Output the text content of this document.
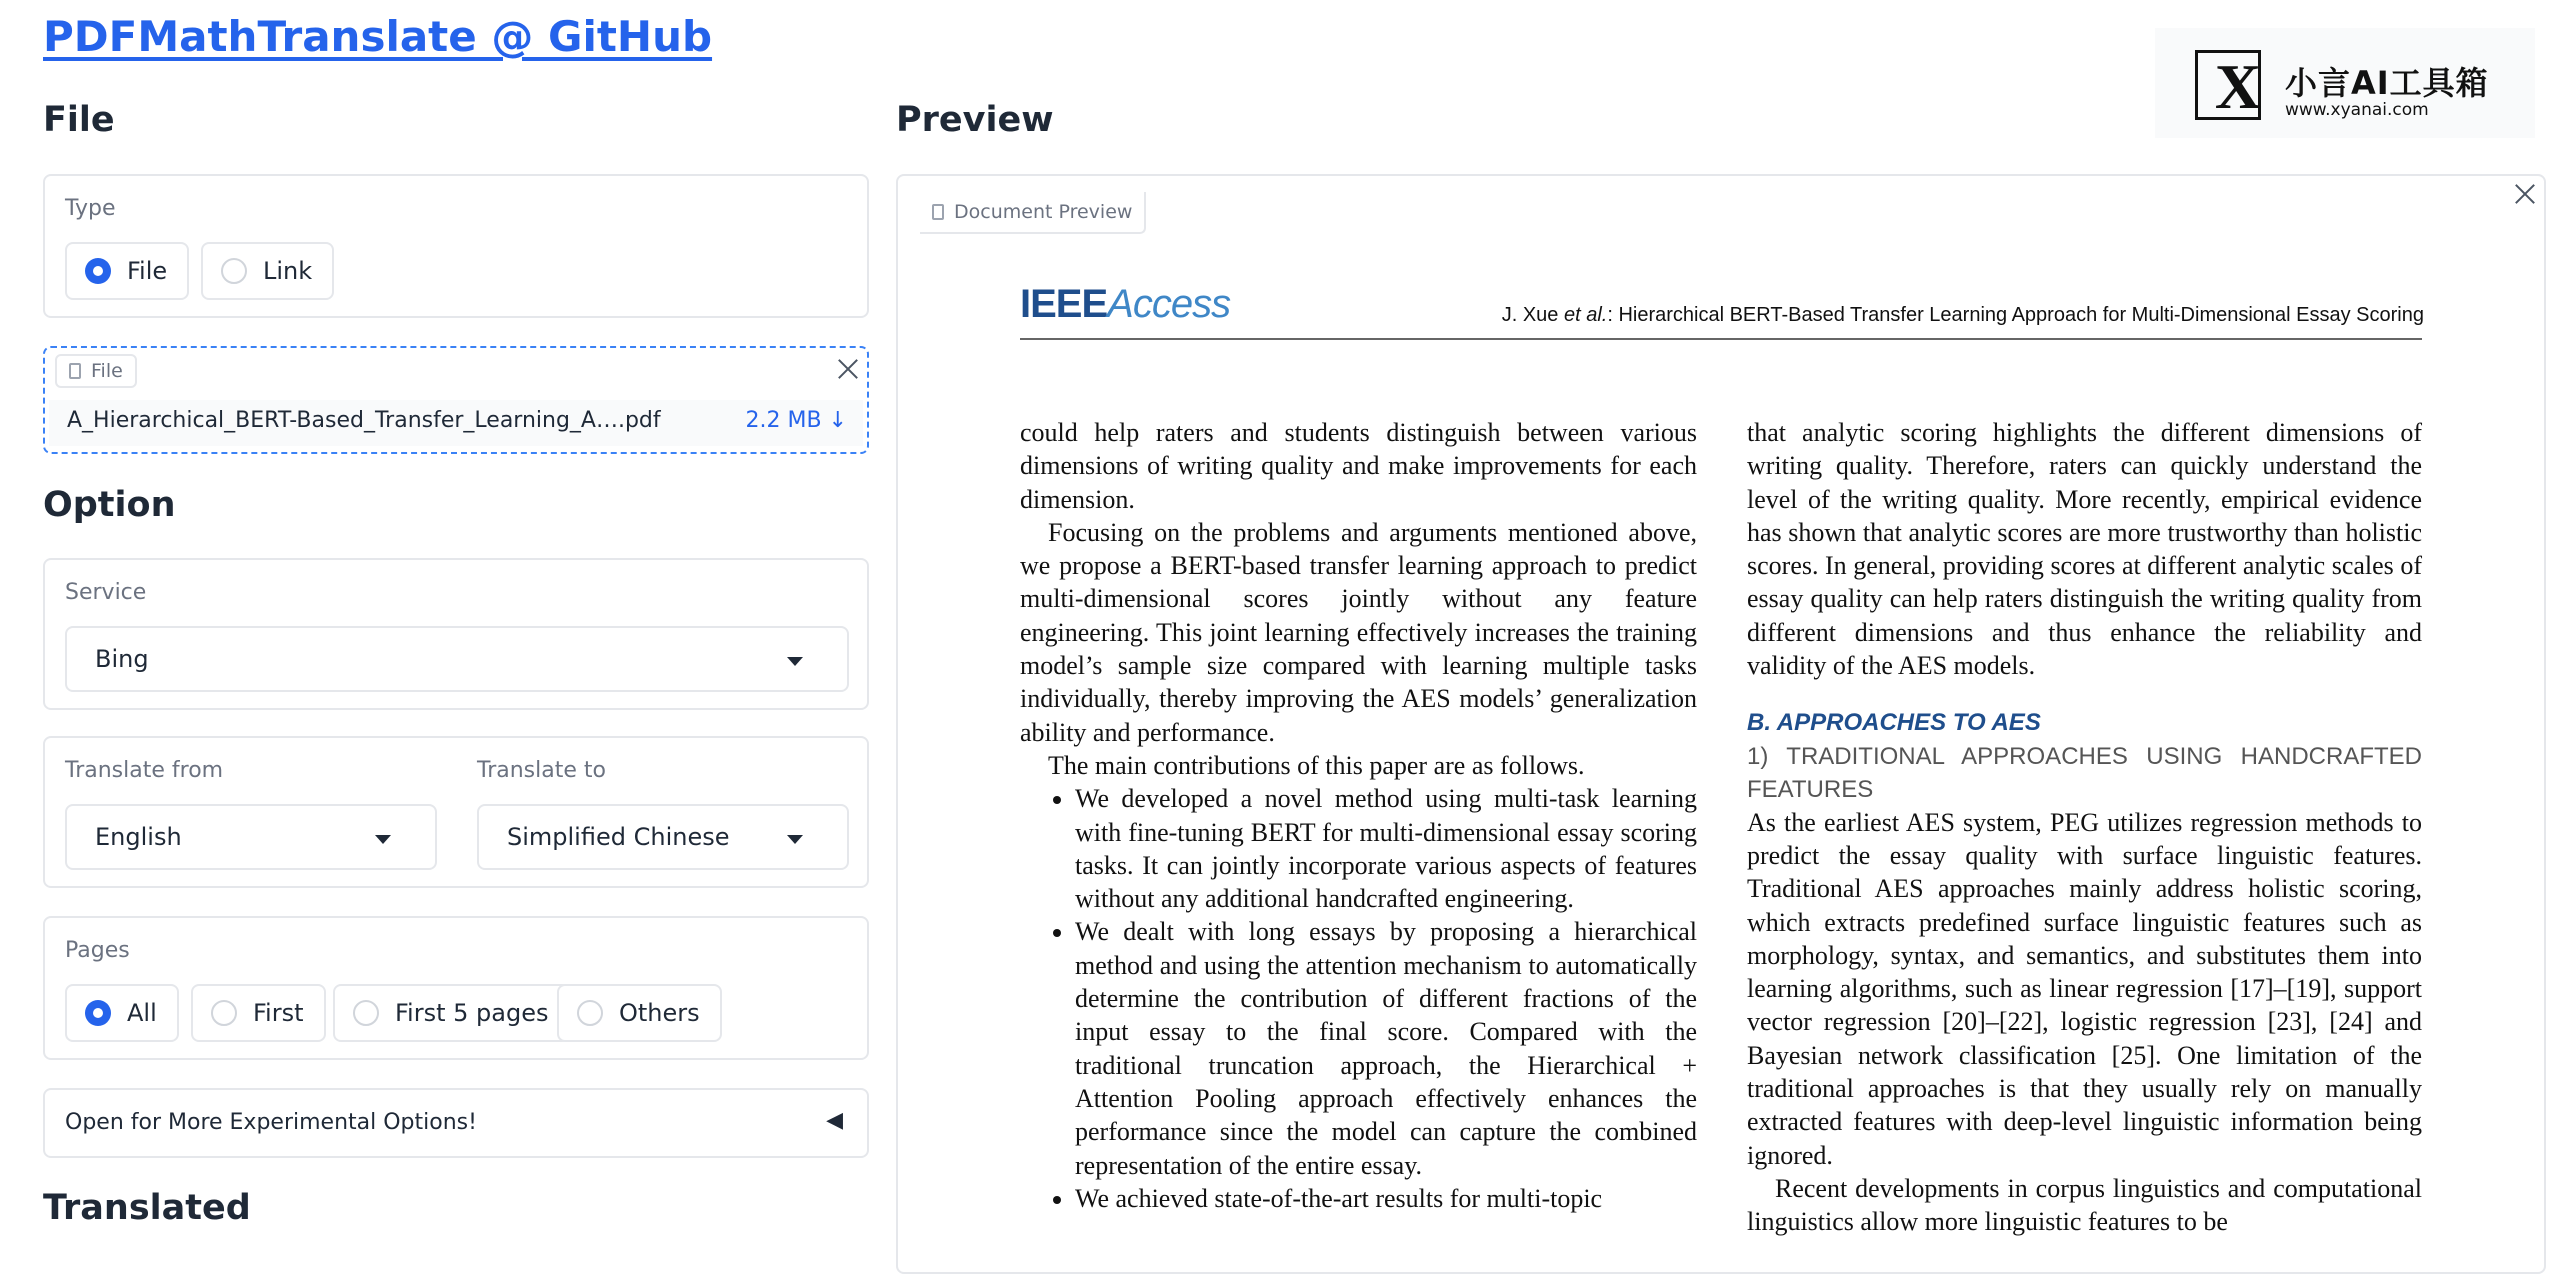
PDFMathTranslate @ GitHub
X 小言AI工具箱
www.xyanai.com
File
Type
File	Link
File
A_Hierarchical_BERT-Based_Transfer_Learning_A….pdf	2.2 MB ↓
Option
Service
Bing
Translate from
English
Translate to
Simplified Chinese
Pages
All	First	First 5 pages	Others
Open for More Experimental Options!	◀
Translated
Preview
Document Preview
IEEEAccess	J. Xue et al.: Hierarchical BERT-Based Transfer Learning Approach for Multi-Dimensional Essay Scoring

could help raters and students distinguish between various dimensions of writing quality and make improvements for each dimension.

Focusing on the problems and arguments mentioned above, we propose a BERT-based transfer learning approach to predict multi-dimensional scores jointly without any feature engineering. This joint learning effectively increases the training model’s sample size compared with learning multiple tasks individually, thereby improving the AES models’ generalization ability and performance.

The main contributions of this paper are as follows.

• We developed a novel method using multi-task learning with fine-tuning BERT for multi-dimensional essay scoring tasks. It can jointly incorporate various aspects of features without any additional handcrafted engineering.
• We dealt with long essays by proposing a hierarchical method and using the attention mechanism to automatically determine the contribution of different fractions of the input essay to the final score. Compared with the traditional truncation approach, the Hierarchical + Attention Pooling approach effectively enhances the performance since the model can capture the combined representation of the entire essay.
• We achieved state-of-the-art results for multi-topic

that analytic scoring highlights the different dimensions of writing quality. Therefore, raters can quickly understand the level of the writing quality. More recently, empirical evidence has shown that analytic scores are more trustworthy than holistic scores. In general, providing scores at different analytic scales of essay quality can help raters distinguish the writing quality from different dimensions and thus enhance the reliability and validity of the AES models.

B. APPROACHES TO AES
1) TRADITIONAL APPROACHES USING HANDCRAFTED FEATURES

As the earliest AES system, PEG utilizes regression methods to predict the essay quality with surface linguistic features. Traditional AES approaches mainly address holistic scoring, which extracts predefined surface linguistic features such as morphology, syntax, and semantics, and substitutes them into learning algorithms, such as linear regression [17]–[19], support vector regression [20]–[22], logistic regression [23], [24] and Bayesian network classification [25]. One limitation of the traditional approaches is that they usually rely on manually extracted features with deep-level linguistic information being ignored.

Recent developments in corpus linguistics and computational linguistics allow more linguistic features to be
